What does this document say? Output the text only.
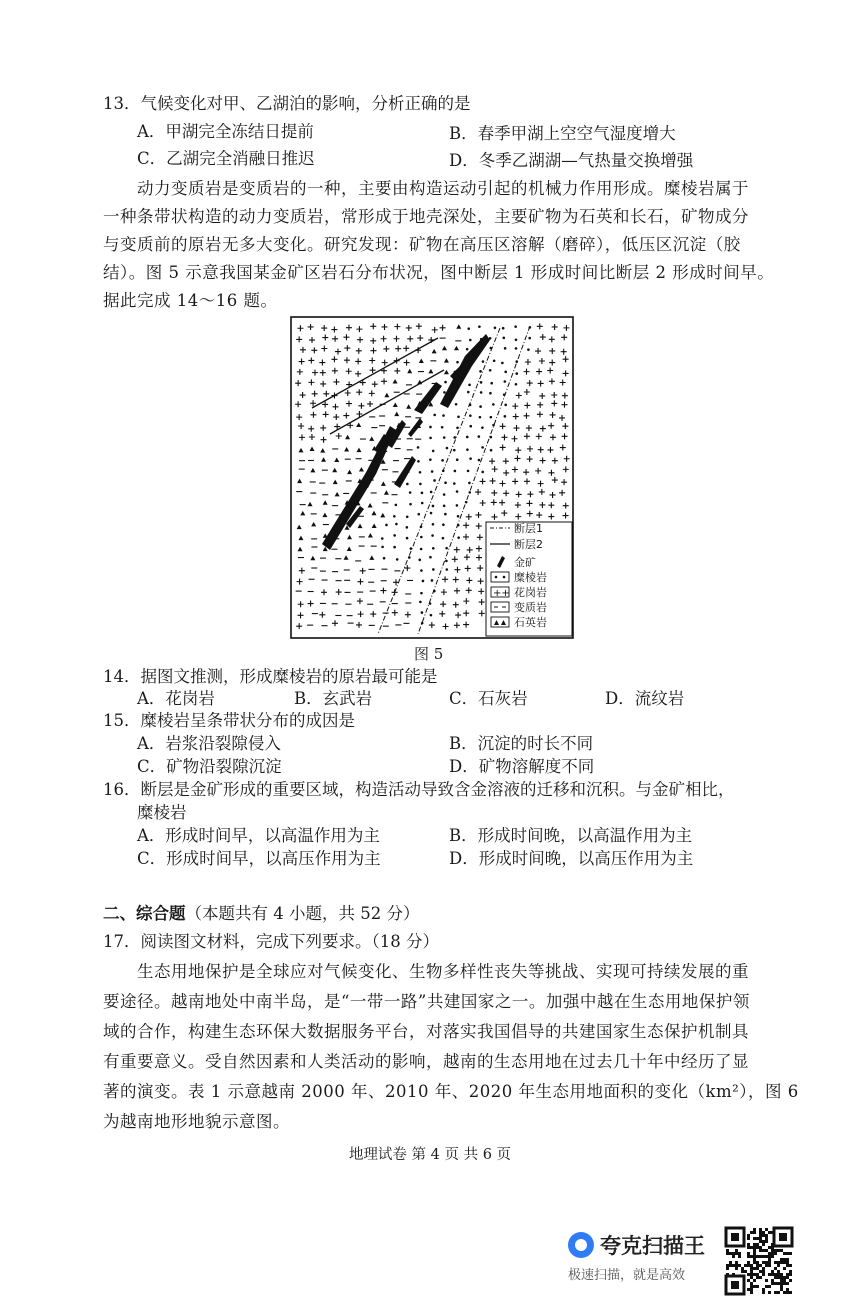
13．气候变化对甲、乙湖泊的影响，分析正确的是
A．甲湖完全冻结日提前	B．春季甲湖上空空气湿度增大
C．乙湖完全消融日推迟	D．冬季乙湖湖—气热量交换增强
动力变质岩是变质岩的一种，主要由构造运动引起的机械力作用形成。糜棱岩属于
一种条带状构造的动力变质岩，常形成于地壳深处，主要矿物为石英和长石，矿物成分
与变质前的原岩无多大变化。研究发现：矿物在高压区溶解（磨碎），低压区沉淀（胶
结）。图 5 示意我国某金矿区岩石分布状况，图中断层 1 形成时间比断层 2 形成时间早。
据此完成 14～16 题。
++
断层1
断层2
金矿
糜棱岩
花岗岩
变质岩
石英岩
图 5
14．据图文推测，形成糜棱岩的原岩最可能是
A．花岗岩	B．玄武岩	C．石灰岩	D．流纹岩
15．糜棱岩呈条带状分布的成因是
A．岩浆沿裂隙侵入	B．沉淀的时长不同
C．矿物沿裂隙沉淀	D．矿物溶解度不同
16．断层是金矿形成的重要区域，构造活动导致含金溶液的迁移和沉积。与金矿相比，
糜棱岩
A．形成时间早，以高温作用为主	B．形成时间晚，以高温作用为主
C．形成时间早，以高压作用为主	D．形成时间晚，以高压作用为主
二、综合题（本题共有 4 小题，共 52 分）
17．阅读图文材料，完成下列要求。（18 分）
生态用地保护是全球应对气候变化、生物多样性丧失等挑战、实现可持续发展的重
要途径。越南地处中南半岛，是“一带一路”共建国家之一。加强中越在生态用地保护领
域的合作，构建生态环保大数据服务平台，对落实我国倡导的共建国家生态保护机制具
有重要意义。受自然因素和人类活动的影响，越南的生态用地在过去几十年中经历了显
著的演变。表 1 示意越南 2000 年、2010 年、2020 年生态用地面积的变化（km²），图 6
为越南地形地貌示意图。
地理试卷 第 4 页 共 6 页
夸克扫描王
极速扫描，就是高效
